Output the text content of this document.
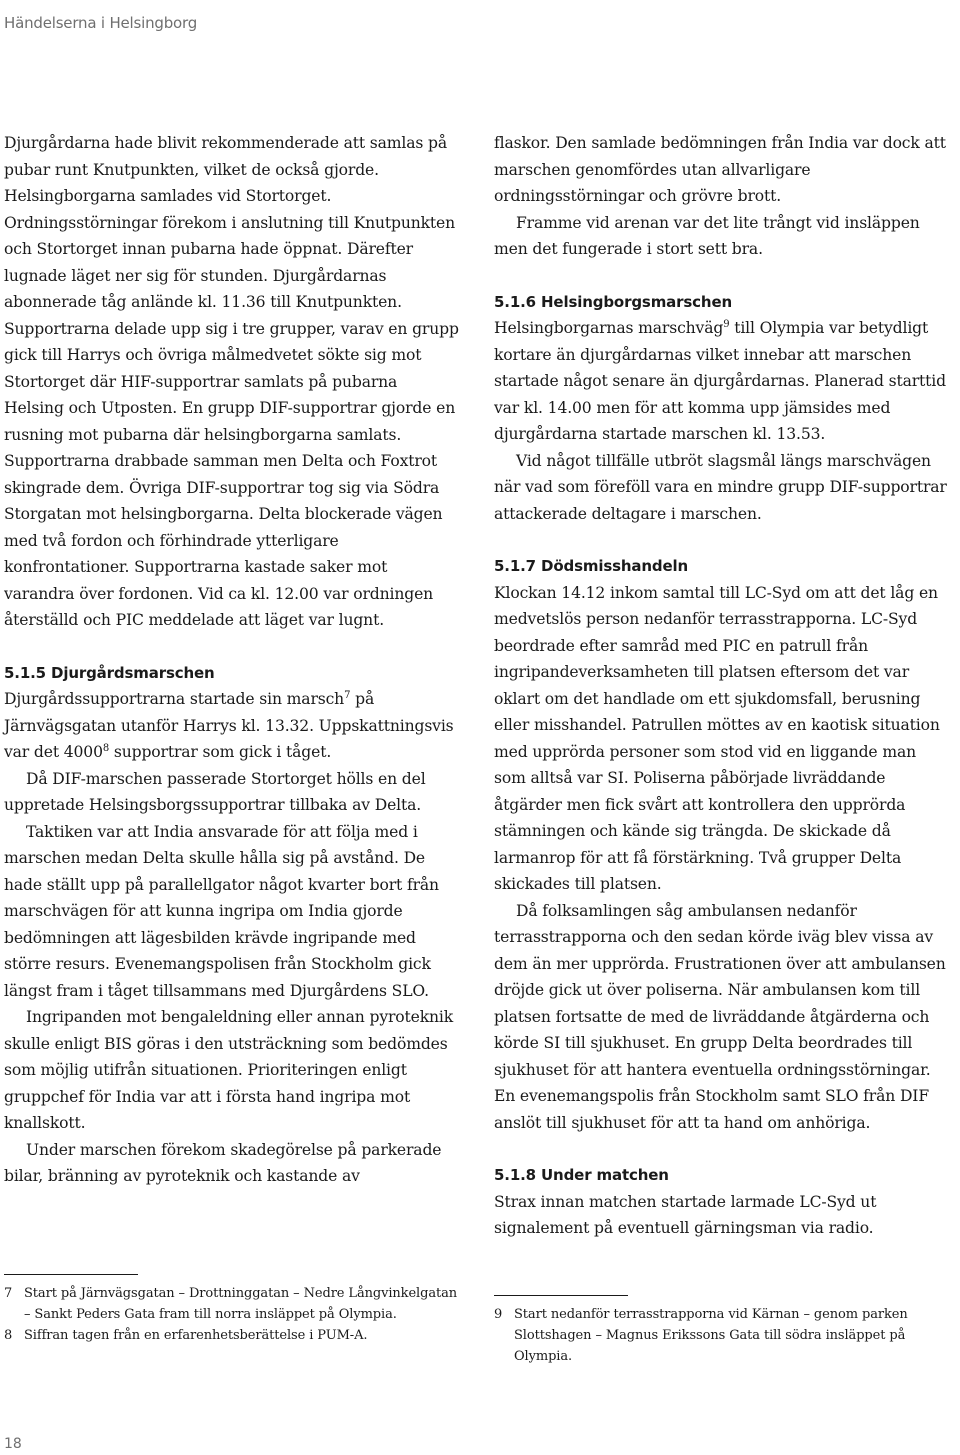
Händelserna i Helsingborg

Djurgårdarna hade blivit rekommenderade att samlas på pubar runt Knutpunkten, vilket de också gjorde. Helsingborgarna samlades vid Stortorget. Ordningsstörningar förekom i anslutning till Knutpunkten och Stortorget innan pubarna hade öppnat. Därefter lugnade läget ner sig för stunden. Djurgårdarnas abonnerade tåg anlände kl. 11.36 till Knutpunkten. Supportrarna delade upp sig i tre grupper, varav en grupp gick till Harrys och övriga målmedvetet sökte sig mot Stortorget där HIF-supportrar samlats på pubarna Helsing och Utposten. En grupp DIF-supportrar gjorde en rusning mot pubarna där helsingborgarna samlats. Supportrarna drabbade samman men Delta och Foxtrot skingrade dem. Övriga DIF-supportrar tog sig via Södra Storgatan mot helsingborgarna. Delta blockerade vägen med två fordon och förhindrade ytterligare konfrontationer. Supportrarna kastade saker mot varandra över fordonen. Vid ca kl. 12.00 var ordningen återställd och PIC meddelade att läget var lugnt.

5.1.5 Djurgårdsmarschen

Djurgårdssupportrarna startade sin marsch$^7$ på Järnvägsgatan utanför Harrys kl. 13.32. Uppskattningsvis var det 4000$^8$ supportrar som gick i tåget.

Då DIF-marschen passerade Stortorget hölls en del uppretade Helsingsborgssupportrar tillbaka av Delta.

Taktiken var att India ansvarade för att följa med i marschen medan Delta skulle hålla sig på avstånd. De hade ställt upp på parallellgator något kvarter bort från marschvägen för att kunna ingripa om India gjorde bedömningen att lägesbilden krävde ingripande med större resurs. Evenemangspolisen från Stockholm gick längst fram i tåget tillsammans med Djurgårdens SLO.

Ingripanden mot bengaleldning eller annan pyroteknik skulle enligt BIS göras i den utsträckning som bedömdes som möjlig utifrån situationen. Prioriteringen enligt gruppchef för India var att i första hand ingripa mot knallskott.

Under marschen förekom skadegörelse på parkerade bilar, bränning av pyroteknik och kastande av

flaskor. Den samlade bedömningen från India var dock att marschen genomfördes utan allvarligare ordningsstörningar och grövre brott.

Framme vid arenan var det lite trångt vid insläppen men det fungerade i stort sett bra.

5.1.6 Helsingborgsmarschen

Helsingborgarnas marschväg$^9$ till Olympia var betydligt kortare än djurgårdarnas vilket innebar att marschen startade något senare än djurgårdarnas. Planerad starttid var kl. 14.00 men för att komma upp jämsides med djurgårdarna startade marschen kl. 13.53.

Vid något tillfälle utbröt slagsmål längs marschvägen när vad som föreföll vara en mindre grupp DIF-supportrar attackerade deltagare i marschen.

5.1.7 Dödsmisshandeln

Klockan 14.12 inkom samtal till LC-Syd om att det låg en medvetslös person nedanför terrasstrapporna. LC-Syd beordrade efter samråd med PIC en patrull från ingripandeverksamheten till platsen eftersom det var oklart om det handlade om ett sjukdomsfall, berusning eller misshandel. Patrullen möttes av en kaotisk situation med upprörda personer som stod vid en liggande man som alltså var SI. Poliserna påbörjade livräddande åtgärder men fick svårt att kontrollera den upprörda stämningen och kände sig trängda. De skickade då larmanrop för att få förstärkning. Två grupper Delta skickades till platsen.

Då folksamlingen såg ambulansen nedanför terrasstrapporna och den sedan körde iväg blev vissa av dem än mer upprörda. Frustrationen över att ambulansen dröjde gick ut över poliserna. När ambulansen kom till platsen fortsatte de med de livräddande åtgärderna och körde SI till sjukhuset. En grupp Delta beordrades till sjukhuset för att hantera eventuella ordningsstörningar. En evenemangspolis från Stockholm samt SLO från DIF anslöt till sjukhuset för att ta hand om anhöriga.

5.1.8 Under matchen

Strax innan matchen startade larmade LC-Syd ut signalement på eventuell gärningsman via radio.

7 Start på Järnvägsgatan – Drottninggatan – Nedre Långvinkelgatan – Sankt Peders Gata fram till norra insläppet på Olympia.
8 Siffran tagen från en erfarenhetsberättelse i PUM-A.
9 Start nedanför terrasstrapporna vid Kärnan – genom parken Slottshagen – Magnus Erikssons Gata till södra insläppet på Olympia.
18
